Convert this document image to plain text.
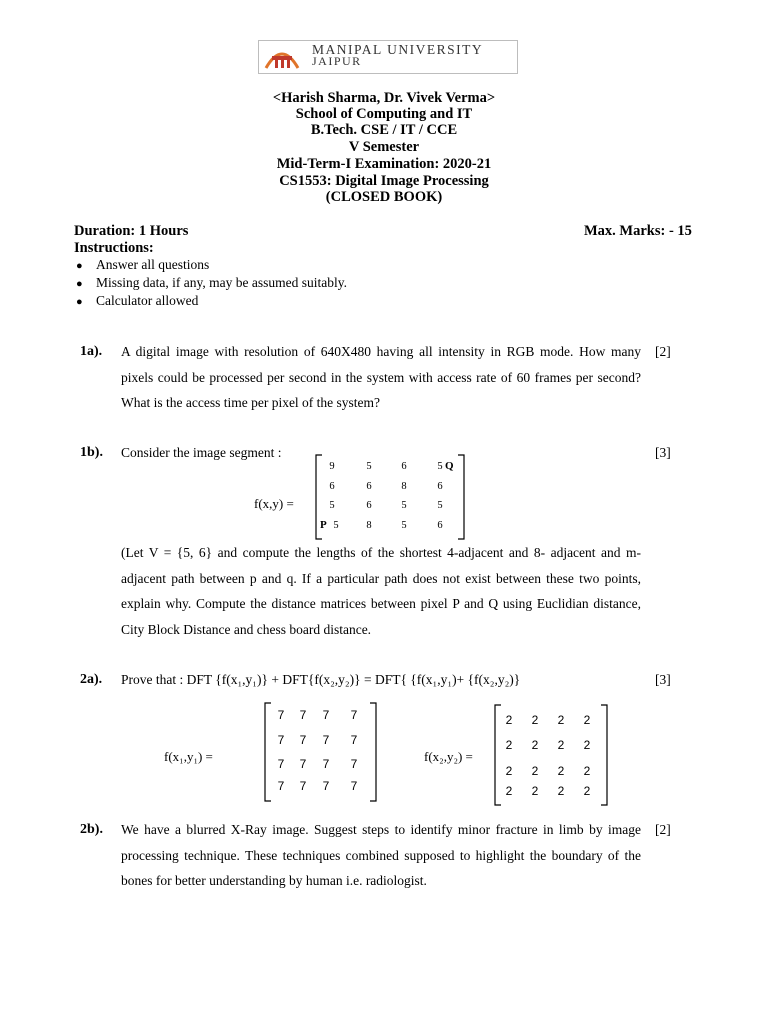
MANIPAL UNIVERSITY
JAIPUR
<Harish Sharma, Dr. Vivek Verma>
School of Computing and IT
B.Tech. CSE / IT / CCE
V Semester
Mid-Term-I Examination: 2020-21
CS1553: Digital Image Processing
(CLOSED BOOK)
Duration: 1 Hours	Max. Marks: - 15
Instructions:
● Answer all questions
● Missing data, if any, may be assumed suitably.
● Calculator allowed
1a). A digital image with resolution of 640X480 having all intensity in RGB mode. How many pixels could be processed per second in the system with access rate of 60 frames per second? What is the access time per pixel of the system?
[2]
1b). Consider the image segment :	[3]
f(x,y) =
9	5	6	5 Q
6	6	8	6
5	6	5	5
P 5	8	5	6
(Let V = {5, 6} and compute the lengths of the shortest 4-adjacent and 8- adjacent and m-adjacent path between p and q. If a particular path does not exist between these two points, explain why. Compute the distance matrices between pixel P and Q using Euclidian distance, City Block Distance and chess board distance.
2a). Prove that : DFT {f(x₁,y₁)} + DFT{f(x₂,y₂)} = DFT{ {f(x₁,y₁)+ {f(x₂,y₂)}	[3]
f(x₁,y₁) =
7	7	7	7
7	7	7	7
7	7	7	7
7	7	7	7
f(x₂,y₂) =
2	2	2	2
2	2	2	2
2	2	2	2
2	2	2	2
2b). We have a blurred X-Ray image. Suggest steps to identify minor fracture in limb by image processing technique. These techniques combined supposed to highlight the boundary of the bones for better understanding by human i.e. radiologist.
[2]
